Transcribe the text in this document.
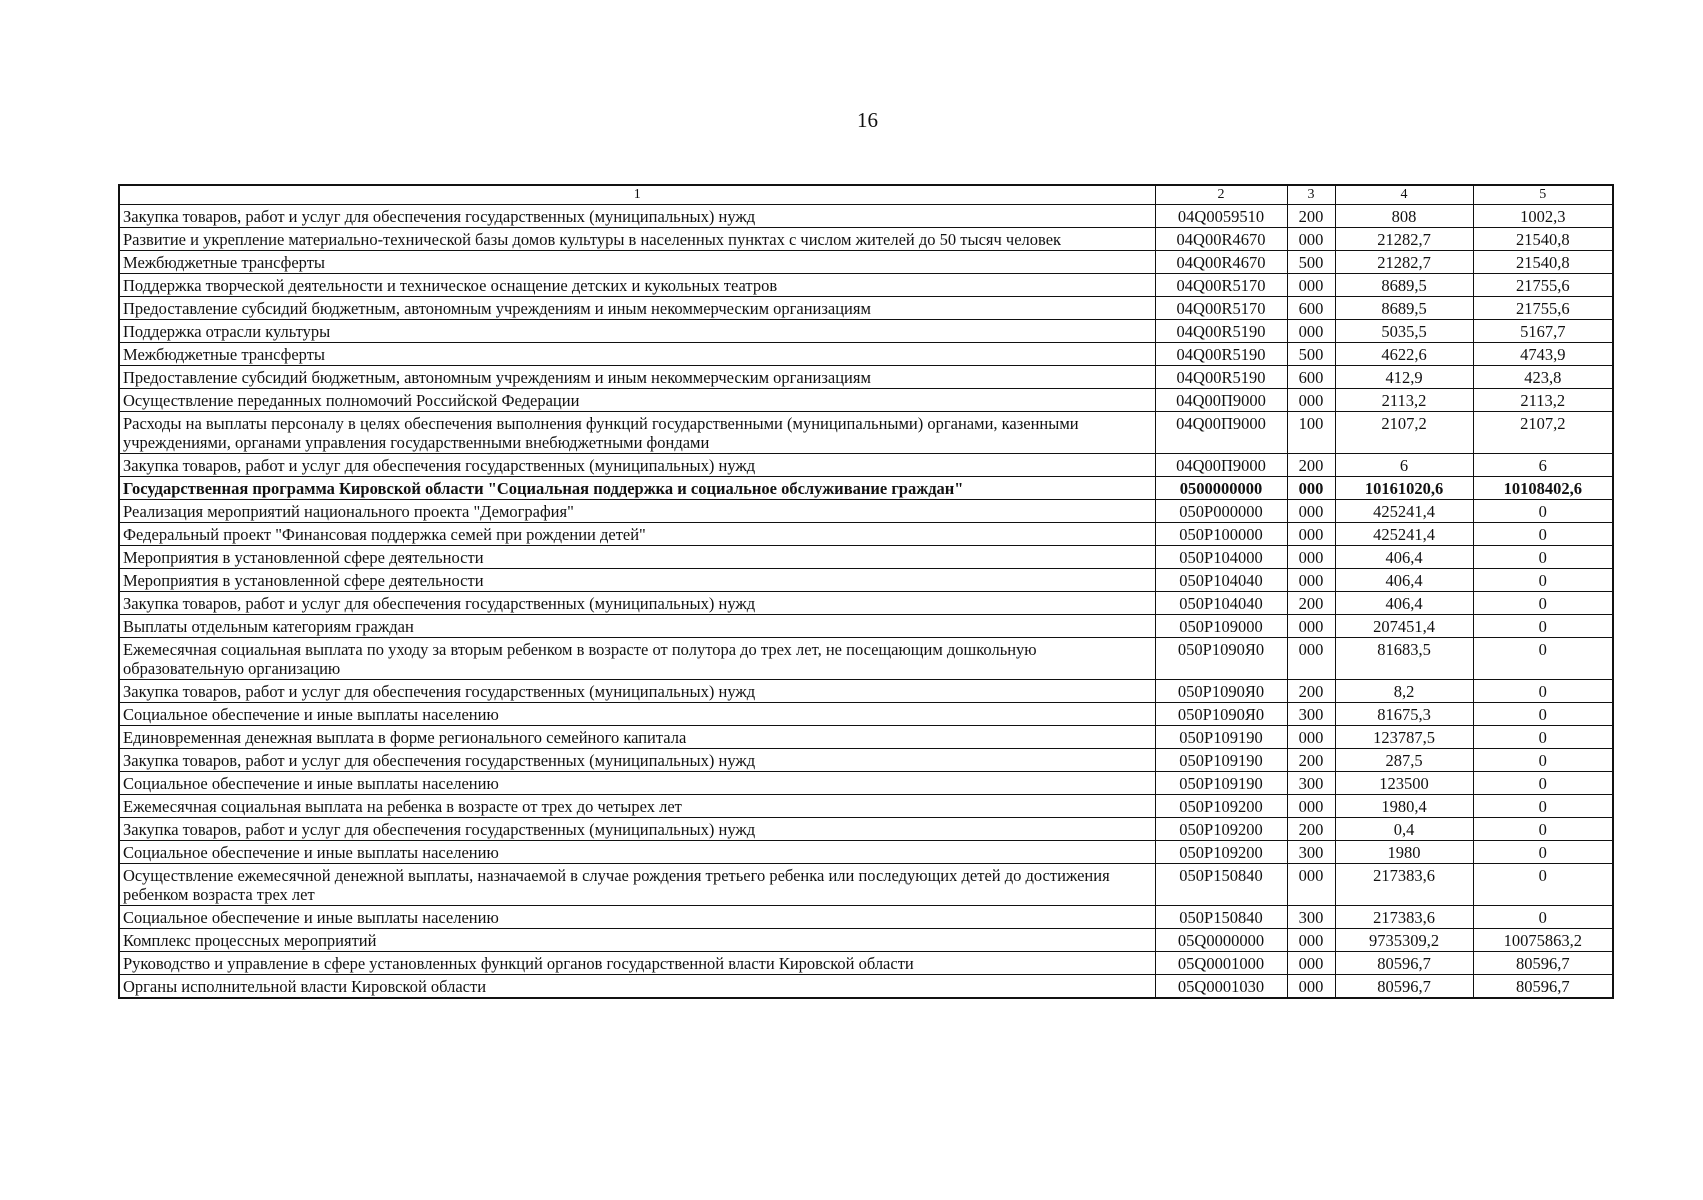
16
1	2	3	4	5
Закупка товаров, работ и услуг для обеспечения государственных (муниципальных) нужд	04Q0059510	200	808	1002,3
Развитие и укрепление материально-технической базы домов культуры в населенных пунктах с числом жителей до 50 тысяч человек	04Q00R4670	000	21282,7	21540,8
Межбюджетные трансферты	04Q00R4670	500	21282,7	21540,8
Поддержка творческой деятельности и техническое оснащение детских и кукольных театров	04Q00R5170	000	8689,5	21755,6
Предоставление субсидий бюджетным, автономным учреждениям и иным некоммерческим организациям	04Q00R5170	600	8689,5	21755,6
Поддержка отрасли культуры	04Q00R5190	000	5035,5	5167,7
Межбюджетные трансферты	04Q00R5190	500	4622,6	4743,9
Предоставление субсидий бюджетным, автономным учреждениям и иным некоммерческим организациям	04Q00R5190	600	412,9	423,8
Осуществление переданных полномочий Российской Федерации	04Q00П9000	000	2113,2	2113,2
Расходы на выплаты персоналу в целях обеспечения выполнения функций государственными (муниципальными) органами, казенными учреждениями, органами управления государственными внебюджетными фондами	04Q00П9000	100	2107,2	2107,2
Закупка товаров, работ и услуг для обеспечения государственных (муниципальных) нужд	04Q00П9000	200	6	6
Государственная программа Кировской области "Социальная поддержка и социальное обслуживание граждан"	0500000000	000	10161020,6	10108402,6
Реализация мероприятий национального проекта "Демография"	050P000000	000	425241,4	0
Федеральный проект "Финансовая поддержка семей при рождении детей"	050P100000	000	425241,4	0
Мероприятия в установленной сфере деятельности	050P104000	000	406,4	0
Мероприятия в установленной сфере деятельности	050P104040	000	406,4	0
Закупка товаров, работ и услуг для обеспечения государственных (муниципальных) нужд	050P104040	200	406,4	0
Выплаты отдельным категориям граждан	050P109000	000	207451,4	0
Ежемесячная социальная выплата по уходу за вторым ребенком в возрасте от полутора до трех лет, не посещающим дошкольную образовательную организацию	050P1090Я0	000	81683,5	0
Закупка товаров, работ и услуг для обеспечения государственных (муниципальных) нужд	050P1090Я0	200	8,2	0
Социальное обеспечение и иные выплаты населению	050P1090Я0	300	81675,3	0
Единовременная денежная выплата в форме регионального семейного капитала	050P109190	000	123787,5	0
Закупка товаров, работ и услуг для обеспечения государственных (муниципальных) нужд	050P109190	200	287,5	0
Социальное обеспечение и иные выплаты населению	050P109190	300	123500	0
Ежемесячная социальная выплата на ребенка в возрасте от трех до четырех лет	050P109200	000	1980,4	0
Закупка товаров, работ и услуг для обеспечения государственных (муниципальных) нужд	050P109200	200	0,4	0
Социальное обеспечение и иные выплаты населению	050P109200	300	1980	0
Осуществление ежемесячной денежной выплаты, назначаемой в случае рождения третьего ребенка или последующих детей до достижения ребенком возраста трех лет	050P150840	000	217383,6	0
Социальное обеспечение и иные выплаты населению	050P150840	300	217383,6	0
Комплекс процессных мероприятий	05Q0000000	000	9735309,2	10075863,2
Руководство и управление в сфере установленных функций органов государственной власти Кировской области	05Q0001000	000	80596,7	80596,7
Органы исполнительной власти Кировской области	05Q0001030	000	80596,7	80596,7
